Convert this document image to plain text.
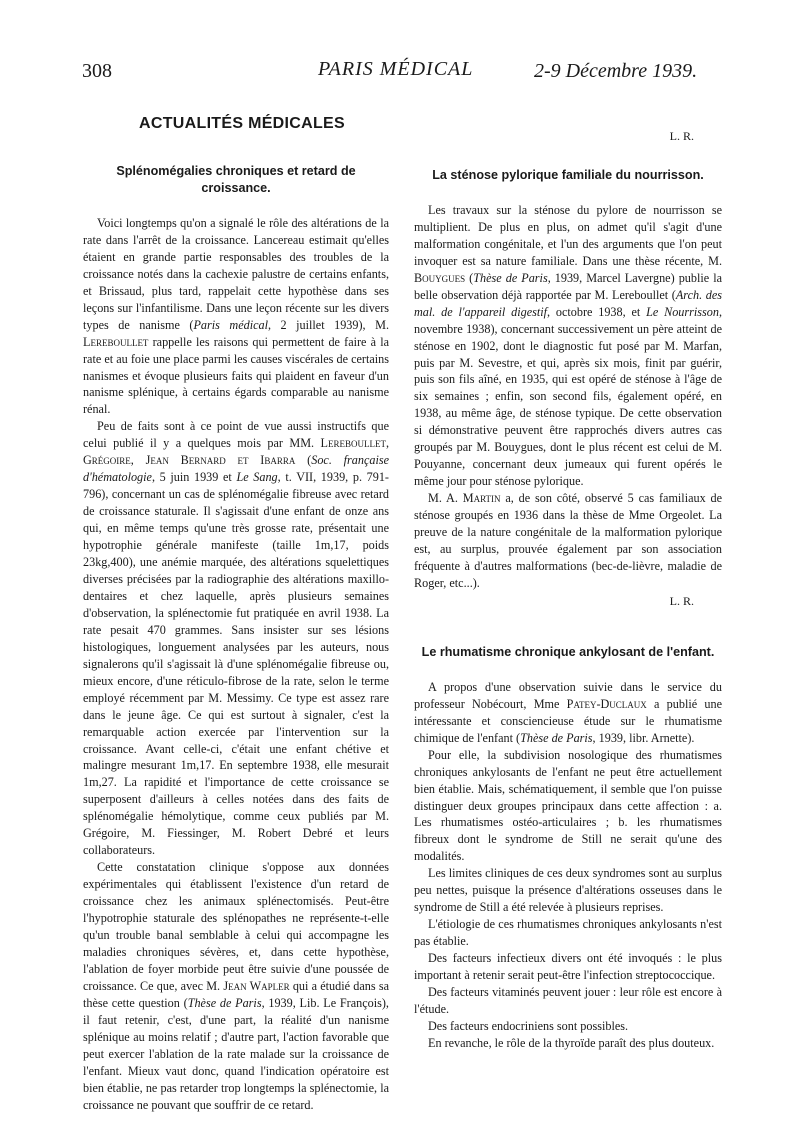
308	PARIS MÉDICAL	2-9 Décembre 1939.
ACTUALITÉS MÉDICALES
Splénomégalies chroniques et retard de croissance.

Voici longtemps qu'on a signalé le rôle des altérations de la rate dans l'arrêt de la croissance. Lancereau estimait qu'elles étaient en grande partie responsables des troubles de la croissance notés dans la cachexie palustre de certains enfants, et Brissaud, plus tard, rappelait cette hypothèse dans ses leçons sur l'infantilisme. Dans une leçon récente sur les divers types de nanisme (Paris médical, 2 juillet 1939), M. Lereboullet rappelle les raisons qui permettent de faire à la rate et au foie une place parmi les causes viscérales de certains nanismes et évoque plusieurs faits qui plaident en faveur d'un nanisme splénique, à certains égards comparable au nanisme rénal.

Peu de faits sont à ce point de vue aussi instructifs que celui publié il y a quelques mois par MM. Lereboullet, Grégoire, Jean Bernard et Ibarra (Soc. française d'hématologie, 5 juin 1939 et Le Sang, t. VII, 1939, p. 791-796), concernant un cas de splénomégalie fibreuse avec retard de croissance staturale. Il s'agissait d'une enfant de onze ans qui, en même temps qu'une très grosse rate, présentait une hypotrophie générale manifeste (taille 1m,17, poids 23kg,400), une anémie marquée, des altérations squelettiques diverses précisées par la radiographie des altérations maxillo-dentaires et chez laquelle, après plusieurs semaines d'observation, la splénectomie fut pratiquée en avril 1938. La rate pesait 470 grammes. Sans insister sur ses lésions histologiques, longuement analysées par les auteurs, nous signalerons qu'il s'agissait là d'une splénomégalie fibreuse ou, mieux encore, d'une réticulo-fibrose de la rate, selon le terme employé récemment par M. Messimy. Ce type est assez rare dans le jeune âge. Ce qui est surtout à signaler, c'est la remarquable action exercée par l'intervention sur la croissance. Avant celle-ci, c'était une enfant chétive et malingre mesurant 1m,17. En septembre 1938, elle mesurait 1m,27. La rapidité et l'importance de cette croissance se superposent d'ailleurs à celles notées dans des faits de splénomégalie hémolytique, comme ceux publiés par M. Grégoire, M. Fiessinger, M. Robert Debré et leurs collaborateurs.

Cette constatation clinique s'oppose aux données expérimentales qui établissent l'existence d'un retard de croissance chez les animaux splénectomisés. Peut-être l'hypotrophie staturale des splénopathes ne représente-t-elle qu'un trouble banal semblable à celui qui accompagne les maladies chroniques sévères, et, dans cette hypothèse, l'ablation de foyer morbide peut être suivie d'une poussée de croissance. Ce que, avec M. Jean Wapler qui a étudié dans sa thèse cette question (Thèse de Paris, 1939, Lib. Le François), il faut retenir, c'est, d'une part, la réalité d'un nanisme splénique au moins relatif ; d'autre part, l'action favorable que peut exercer l'ablation de la rate malade sur la croissance de l'enfant. Mieux vaut donc, quand l'indication opératoire est bien établie, ne pas retarder trop longtemps la splénectomie, la croissance ne pouvant que souffrir de ce retard.

L. R.
La sténose pylorique familiale du nourrisson.

Les travaux sur la sténose du pylore de nourrisson se multiplient. De plus en plus, on admet qu'il s'agit d'une malformation congénitale, et l'un des arguments que l'on peut invoquer est sa nature familiale. Dans une thèse récente, M. Bouygues (Thèse de Paris, 1939, Marcel Lavergne) publie la belle observation déjà rapportée par M. Lereboullet (Arch. des mal. de l'appareil digestif, octobre 1938, et Le Nourrisson, novembre 1938), concernant successivement un père atteint de sténose en 1902, dont le diagnostic fut posé par M. Marfan, puis par M. Sevestre, et qui, après six mois, finit par guérir, puis son fils aîné, en 1935, qui est opéré de sténose à l'âge de six semaines ; enfin, son second fils, également opéré, en 1938, au même âge, de sténose typique. De cette observation si démonstrative peuvent être rapprochés divers autres cas groupés par M. Bouygues, dont le plus récent est celui de M. Pouyanne, concernant deux jumeaux qui furent opérés le même jour pour sténose pylorique.

M. A. Martin a, de son côté, observé 5 cas familiaux de sténose groupés en 1936 dans la thèse de Mme Orgeolet. La preuve de la nature congénitale de la malformation pylorique est, au surplus, prouvée également par son association fréquente à d'autres malformations (bec-de-lièvre, maladie de Roger, etc...).

L. R.
Le rhumatisme chronique ankylosant de l'enfant.

A propos d'une observation suivie dans le service du professeur Nobécourt, Mme Patey-Duclaux a publié une intéressante et consciencieuse étude sur le rhumatisme chimique de l'enfant (Thèse de Paris, 1939, libr. Arnette).

Pour elle, la subdivision nosologique des rhumatismes chroniques ankylosants de l'enfant ne peut être actuellement bien établie. Mais, schématiquement, il semble que l'on puisse distinguer deux groupes principaux dans cette affection : a. Les rhumatismes ostéo-articulaires ; b. les rhumatismes fibreux dont le syndrome de Still ne serait qu'une des modalités.

Les limites cliniques de ces deux syndromes sont au surplus peu nettes, puisque la présence d'altérations osseuses dans le syndrome de Still a été relevée à plusieurs reprises.

L'étiologie de ces rhumatismes chroniques ankylosants n'est pas établie.

Des facteurs infectieux divers ont été invoqués : le plus important à retenir serait peut-être l'infection streptococcique.

Des facteurs vitaminés peuvent jouer : leur rôle est encore à l'étude.

Des facteurs endocriniens sont possibles.

En revanche, le rôle de la thyroïde paraît des plus douteux.
